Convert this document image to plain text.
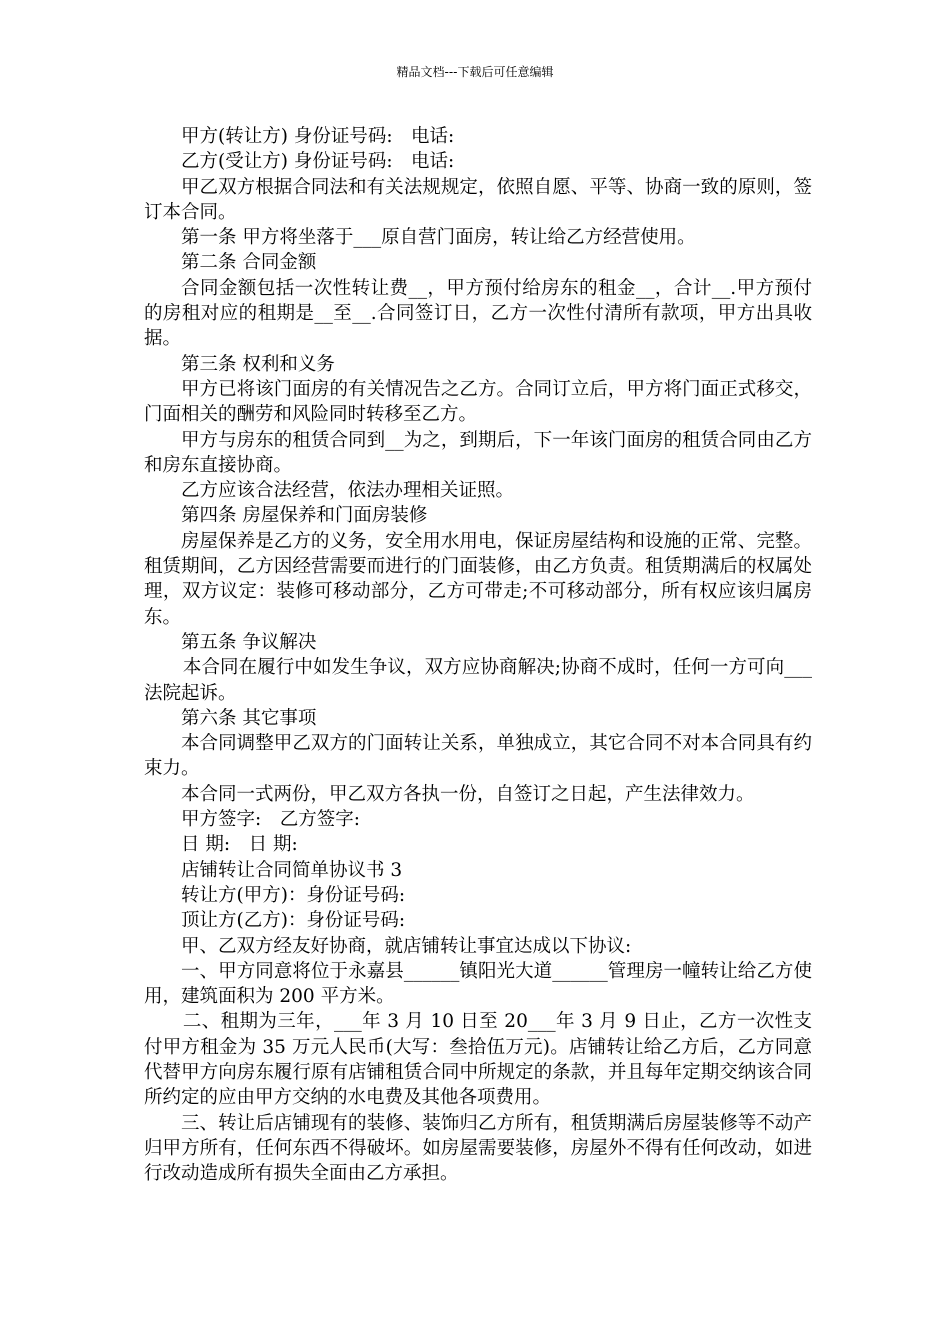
精品文档---下载后可任意编辑

甲方(转让方) 身份证号码:　电话:

乙方(受让方) 身份证号码:　电话:

甲乙双方根据合同法和有关法规规定，依照自愿、平等、协商一致的原则，签订本合同。

第一条 甲方将坐落于___原自营门面房，转让给乙方经营使用。

第二条 合同金额

合同金额包括一次性转让费__，甲方预付给房东的租金__，合计__.甲方预付的房租对应的租期是__至__.合同签订日，乙方一次性付清所有款项，甲方出具收据。

第三条 权利和义务

甲方已将该门面房的有关情况告之乙方。合同订立后，甲方将门面正式移交，门面相关的酬劳和风险同时转移至乙方。

甲方与房东的租赁合同到__为之，到期后，下一年该门面房的租赁合同由乙方和房东直接协商。

乙方应该合法经营，依法办理相关证照。

第四条 房屋保养和门面房装修

房屋保养是乙方的义务，安全用水用电，保证房屋结构和设施的正常、完整。租赁期间，乙方因经营需要而进行的门面装修，由乙方负责。租赁期满后的权属处理，双方议定：装修可移动部分，乙方可带走;不可移动部分，所有权应该归属房东。

第五条 争议解决

本合同在履行中如发生争议，双方应协商解决;协商不成时，任何一方可向___法院起诉。

第六条 其它事项

本合同调整甲乙双方的门面转让关系，单独成立，其它合同不对本合同具有约束力。

本合同一式两份，甲乙双方各执一份，自签订之日起，产生法律效力。

甲方签字:　乙方签字:

日 期:　日 期:

店铺转让合同简单协议书 3

转让方(甲方)：身份证号码:

顶让方(乙方)：身份证号码:

甲、乙双方经友好协商，就店铺转让事宜达成以下协议:

一、甲方同意将位于永嘉县______镇阳光大道______管理房一幢转让给乙方使用，建筑面积为 200 平方米。

二、租期为三年，___年 3 月 10 日至 20___年 3 月 9 日止，乙方一次性支付甲方租金为 35 万元人民币(大写：叁拾伍万元)。店铺转让给乙方后，乙方同意代替甲方向房东履行原有店铺租赁合同中所规定的条款，并且每年定期交纳该合同所约定的应由甲方交纳的水电费及其他各项费用。

三、转让后店铺现有的装修、装饰归乙方所有，租赁期满后房屋装修等不动产归甲方所有，任何东西不得破坏。如房屋需要装修，房屋外不得有任何改动，如进行改动造成所有损失全面由乙方承担。
